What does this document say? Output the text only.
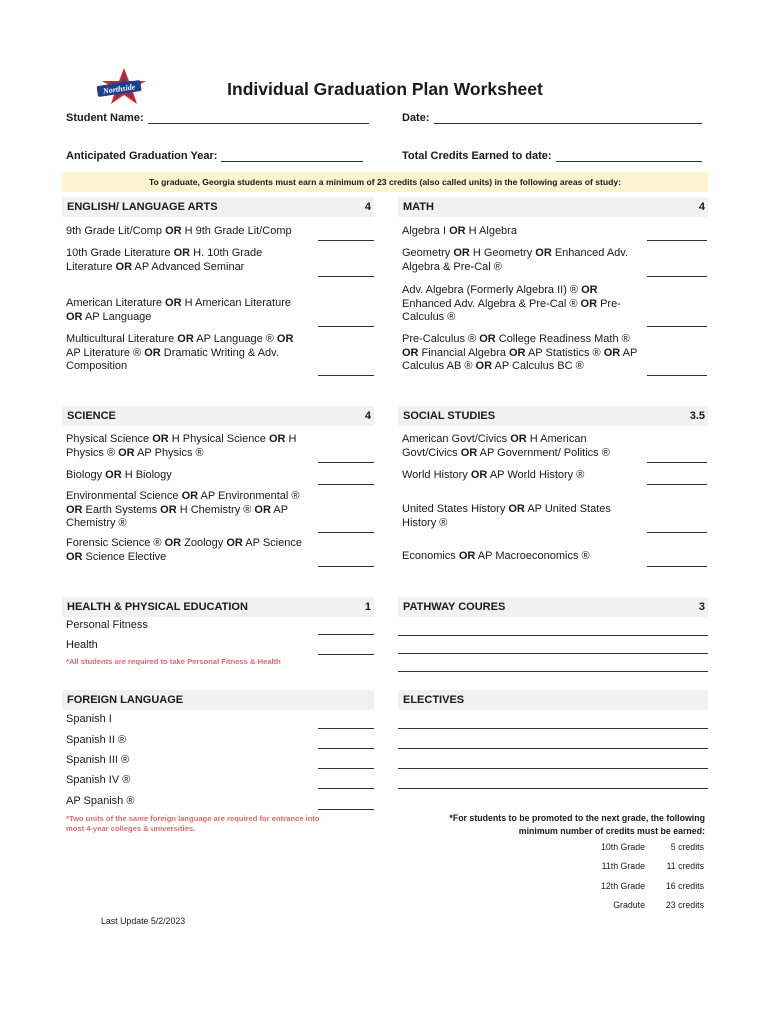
Northside	Individual Graduation Plan Worksheet
Student Name:	Date:
Anticipated Graduation Year:	Total Credits Earned to date:
To graduate, Georgia students must earn a minimum of 23 credits (also called units) in the following areas of study:
ENGLISH/ LANGUAGE ARTS	4	MATH	4
SCIENCE	4	SOCIAL STUDIES	3.5
HEALTH & PHYSICAL EDUCATION	1	PATHWAY COURES	3
FOREIGN LANGUAGE	ELECTIVES
9th Grade Lit/Comp OR H 9th Grade Lit/Comp
10th Grade Literature OR H. 10th Grade Literature OR AP Advanced Seminar
American Literature OR H American Literature OR AP Language
Multicultural Literature OR AP Language ® OR AP Literature ® OR Dramatic Writing & Adv. Composition
Algebra I OR H Algebra
Geometry OR H Geometry OR Enhanced Adv. Algebra & Pre-Cal ®
Adv. Algebra (Formerly Algebra II) ® OR Enhanced Adv. Algebra & Pre-Cal ® OR Pre-Calculus ®
Pre-Calculus ® OR College Readiness Math ® OR Financial Algebra OR AP Statistics ® OR AP Calculus AB ® OR AP Calculus BC ®
Physical Science OR H Physical Science OR H Physics ® OR AP Physics ®
Biology OR H Biology
Environmental Science OR AP Environmental ® OR Earth Systems OR H Chemistry ® OR AP Chemistry ®
Forensic Science ® OR Zoology OR AP Science OR Science Elective
American Govt/Civics OR H American Govt/Civics OR AP Government/ Politics ®
World History OR AP World History ®
United States History OR AP United States History ®
Economics OR AP Macroeconomics ®
Personal Fitness
Health
Spanish I
Spanish II ®
Spanish III ®
Spanish IV ®
AP Spanish ®
*All students are required to take Personal Fitness & Health
*Two units of the same foreign language are required for entrance into most 4-year colleges & universities.
*For students to be promoted to the next grade, the following
minimum number of credits must be earned:
10th Grade	5 credits
11th Grade 11 credits
12th Grade 16 credits
Gradute 23 credits
Last Update 5/2/2023
